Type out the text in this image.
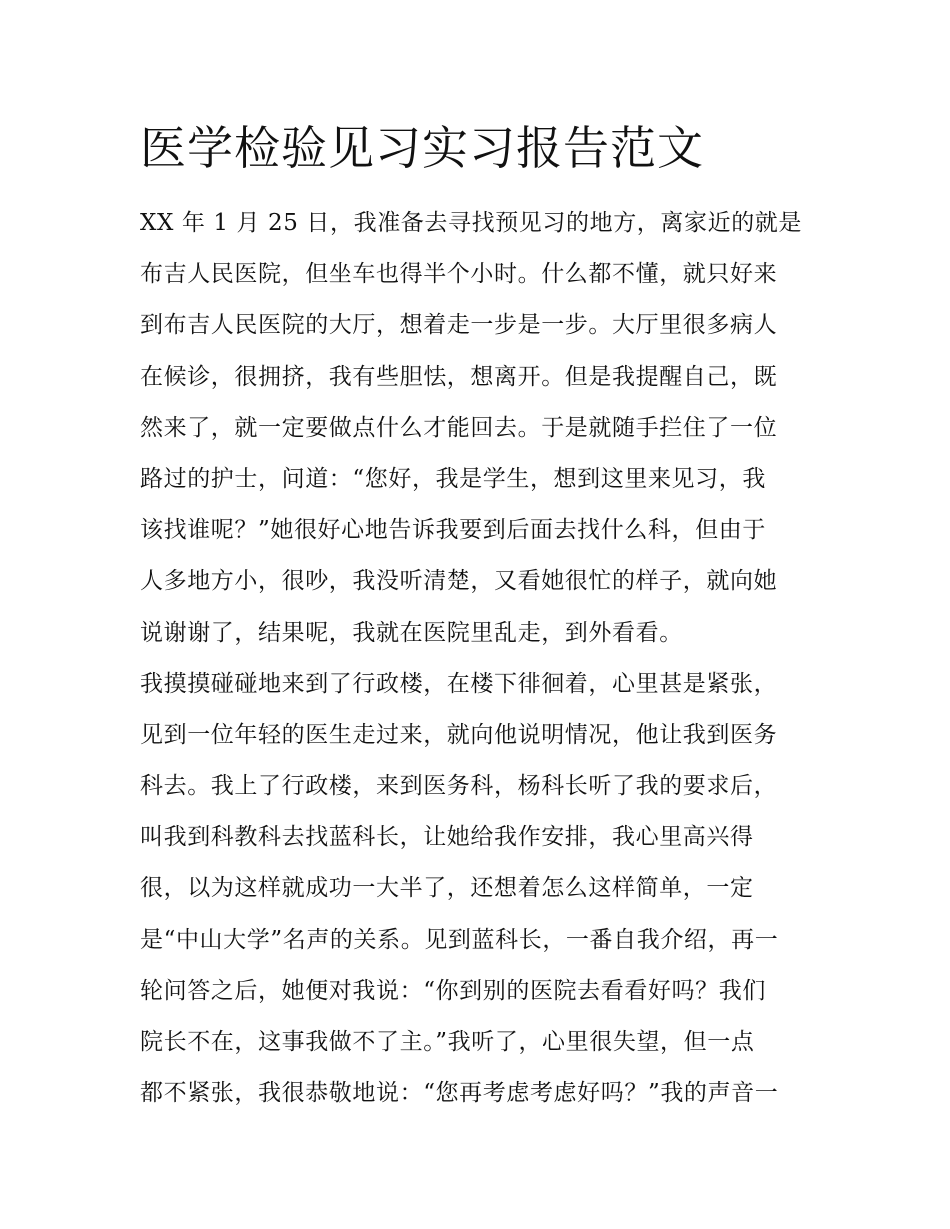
医学检验见习实习报告范文
XX 年 1 月 25 日，我准备去寻找预见习的地方，离家近的就是
布吉人民医院，但坐车也得半个小时。什么都不懂，就只好来
到布吉人民医院的大厅，想着走一步是一步。大厅里很多病人
在候诊，很拥挤，我有些胆怯，想离开。但是我提醒自己，既
然来了，就一定要做点什么才能回去。于是就随手拦住了一位
路过的护士，问道：“您好，我是学生，想到这里来见习，我
该找谁呢？”她很好心地告诉我要到后面去找什么科，但由于
人多地方小，很吵，我没听清楚，又看她很忙的样子，就向她
说谢谢了，结果呢，我就在医院里乱走，到外看看。
我摸摸碰碰地来到了行政楼，在楼下徘徊着，心里甚是紧张，
见到一位年轻的医生走过来，就向他说明情况，他让我到医务
科去。我上了行政楼，来到医务科，杨科长听了我的要求后，
叫我到科教科去找蓝科长，让她给我作安排，我心里高兴得
很，以为这样就成功一大半了，还想着怎么这样简单，一定
是“中山大学”名声的关系。见到蓝科长，一番自我介绍，再一
轮问答之后，她便对我说：“你到别的医院去看看好吗？我们
院长不在，这事我做不了主。”我听了，心里很失望，但一点
都不紧张，我很恭敬地说：“您再考虑考虑好吗？”我的声音一
